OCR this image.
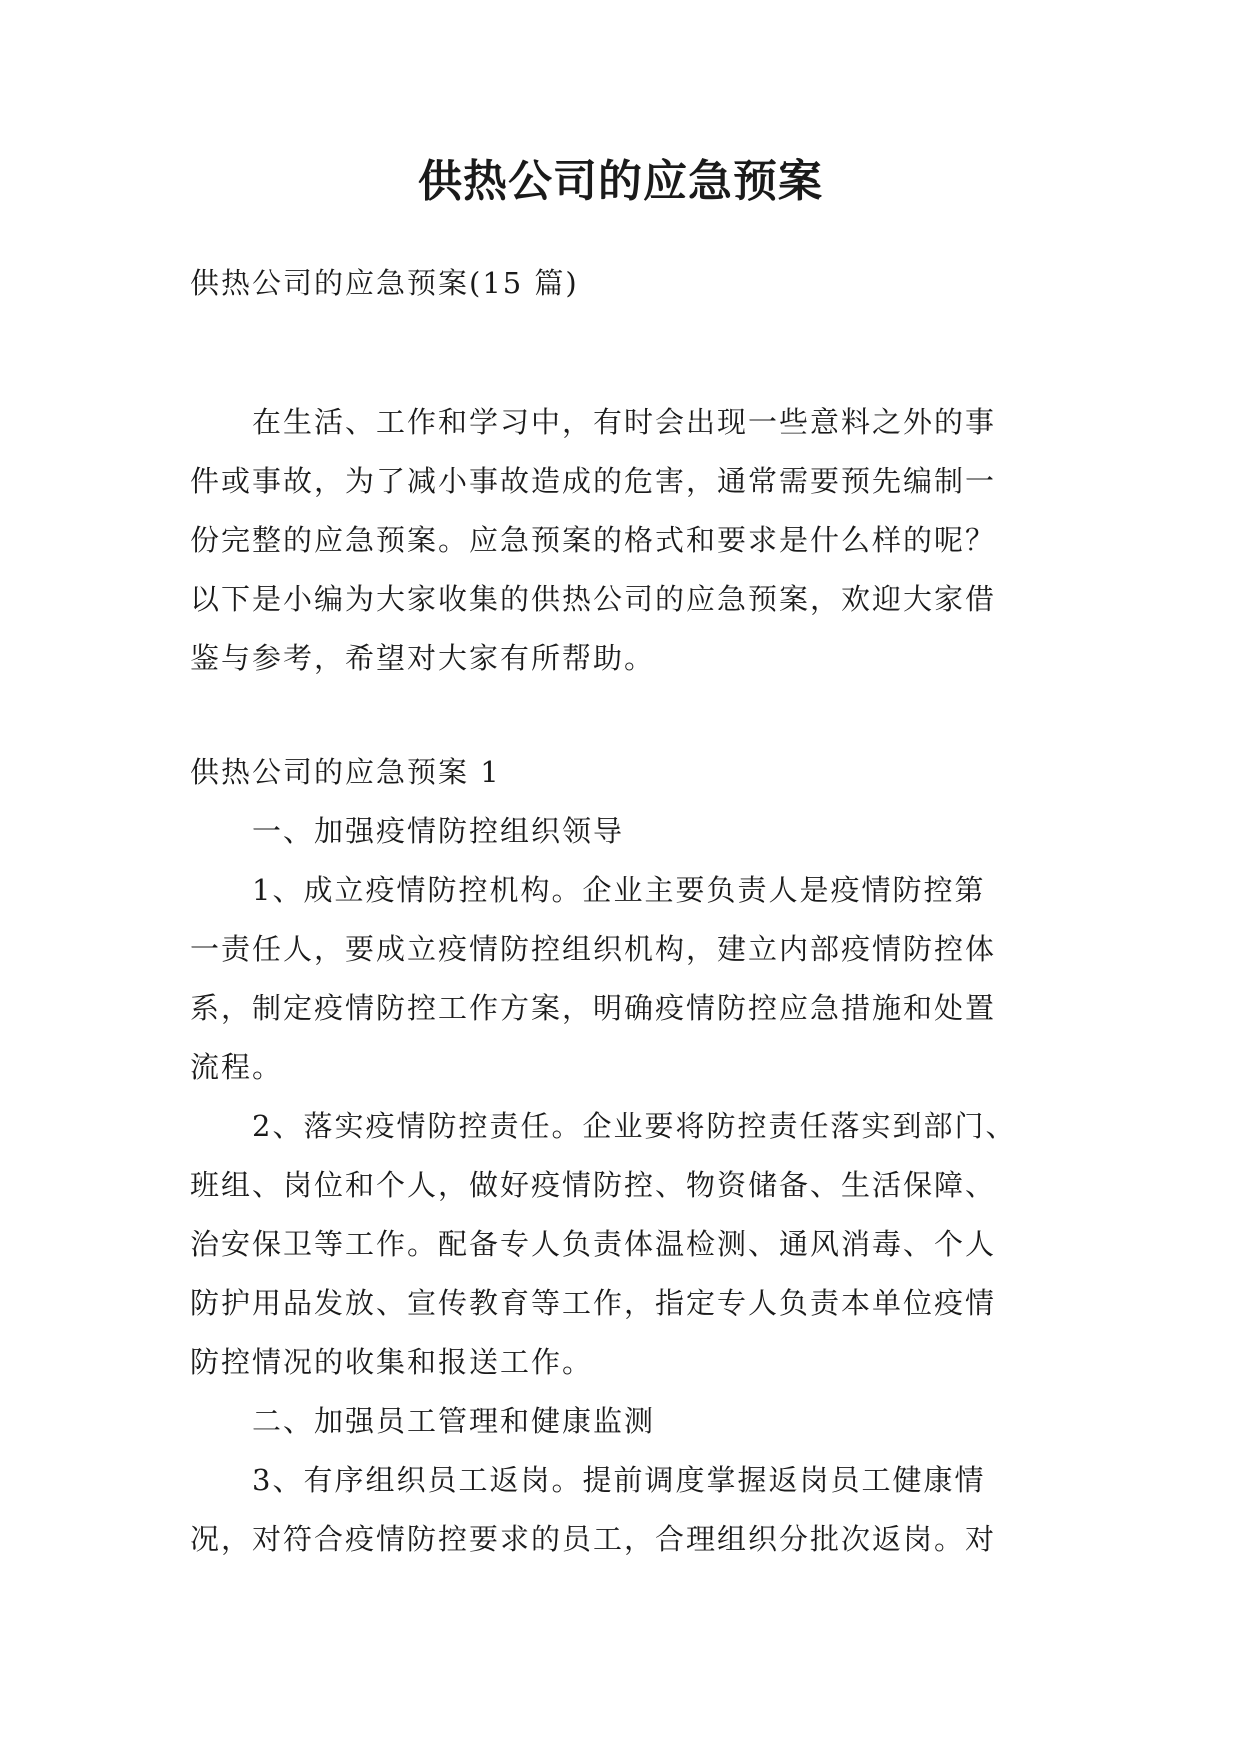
供热公司的应急预案

供热公司的应急预案(15 篇)

在生活、工作和学习中，有时会出现一些意料之外的事

件或事故，为了减小事故造成的危害，通常需要预先编制一

份完整的应急预案。应急预案的格式和要求是什么样的呢？

以下是小编为大家收集的供热公司的应急预案，欢迎大家借

鉴与参考，希望对大家有所帮助。

供热公司的应急预案 1

一、加强疫情防控组织领导

1、成立疫情防控机构。企业主要负责人是疫情防控第

一责任人，要成立疫情防控组织机构，建立内部疫情防控体

系，制定疫情防控工作方案，明确疫情防控应急措施和处置

流程。

2、落实疫情防控责任。企业要将防控责任落实到部门、

班组、岗位和个人，做好疫情防控、物资储备、生活保障、

治安保卫等工作。配备专人负责体温检测、通风消毒、个人

防护用品发放、宣传教育等工作，指定专人负责本单位疫情

防控情况的收集和报送工作。

二、加强员工管理和健康监测

3、有序组织员工返岗。提前调度掌握返岗员工健康情

况，对符合疫情防控要求的员工，合理组织分批次返岗。对
